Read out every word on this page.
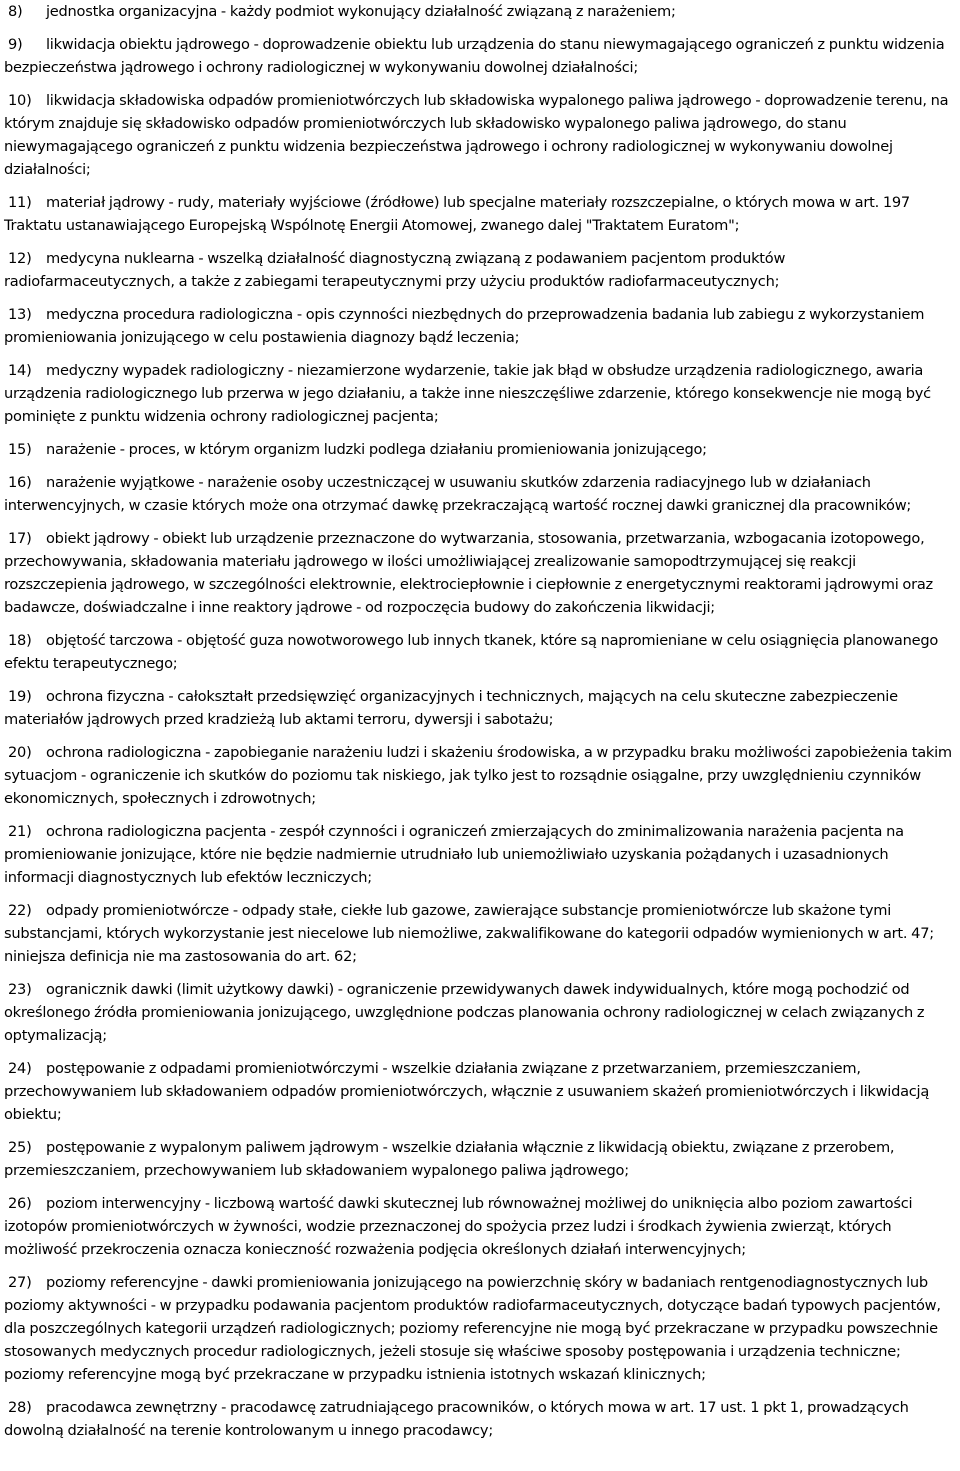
8) jednostka organizacyjna - każdy podmiot wykonujący działalność związaną z narażeniem;

9) likwidacja obiektu jądrowego - doprowadzenie obiektu lub urządzenia do stanu niewymagającego ograniczeń z punktu widzenia bezpieczeństwa jądrowego i ochrony radiologicznej w wykonywaniu dowolnej działalności;

10) likwidacja składowiska odpadów promieniotwórczych lub składowiska wypalonego paliwa jądrowego - doprowadzenie terenu, na którym znajduje się składowisko odpadów promieniotwórczych lub składowisko wypalonego paliwa jądrowego, do stanu niewymagającego ograniczeń z punktu widzenia bezpieczeństwa jądrowego i ochrony radiologicznej w wykonywaniu dowolnej działalności;

11) materiał jądrowy - rudy, materiały wyjściowe (źródłowe) lub specjalne materiały rozszczepialne, o których mowa w art. 197 Traktatu ustanawiającego Europejską Wspólnotę Energii Atomowej, zwanego dalej "Traktatem Euratom";

12) medycyna nuklearna - wszelką działalność diagnostyczną związaną z podawaniem pacjentom produktów radiofarmaceutycznych, a także z zabiegami terapeutycznymi przy użyciu produktów radiofarmaceutycznych;

13) medyczna procedura radiologiczna - opis czynności niezbędnych do przeprowadzenia badania lub zabiegu z wykorzystaniem promieniowania jonizującego w celu postawienia diagnozy bądź leczenia;

14) medyczny wypadek radiologiczny - niezamierzone wydarzenie, takie jak błąd w obsłudze urządzenia radiologicznego, awaria urządzenia radiologicznego lub przerwa w jego działaniu, a także inne nieszczęśliwe zdarzenie, którego konsekwencje nie mogą być pominięte z punktu widzenia ochrony radiologicznej pacjenta;

15) narażenie - proces, w którym organizm ludzki podlega działaniu promieniowania jonizującego;

16) narażenie wyjątkowe - narażenie osoby uczestniczącej w usuwaniu skutków zdarzenia radiacyjnego lub w działaniach interwencyjnych, w czasie których może ona otrzymać dawkę przekraczającą wartość rocznej dawki granicznej dla pracowników;

17) obiekt jądrowy - obiekt lub urządzenie przeznaczone do wytwarzania, stosowania, przetwarzania, wzbogacania izotopowego, przechowywania, składowania materiału jądrowego w ilości umożliwiającej zrealizowanie samopodtrzymującej się reakcji rozszczepienia jądrowego, w szczególności elektrownie, elektrociepłownie i ciepłownie z energetycznymi reaktorami jądrowymi oraz badawcze, doświadczalne i inne reaktory jądrowe - od rozpoczęcia budowy do zakończenia likwidacji;

18) objętość tarczowa - objętość guza nowotworowego lub innych tkanek, które są napromieniane w celu osiągnięcia planowanego efektu terapeutycznego;

19) ochrona fizyczna - całokształt przedsięwzięć organizacyjnych i technicznych, mających na celu skuteczne zabezpieczenie materiałów jądrowych przed kradzieżą lub aktami terroru, dywersji i sabotażu;

20) ochrona radiologiczna - zapobieganie narażeniu ludzi i skażeniu środowiska, a w przypadku braku możliwości zapobieżenia takim sytuacjom - ograniczenie ich skutków do poziomu tak niskiego, jak tylko jest to rozsądnie osiągalne, przy uwzględnieniu czynników ekonomicznych, społecznych i zdrowotnych;

21) ochrona radiologiczna pacjenta - zespół czynności i ograniczeń zmierzających do zminimalizowania narażenia pacjenta na promieniowanie jonizujące, które nie będzie nadmiernie utrudniało lub uniemożliwiało uzyskania pożądanych i uzasadnionych informacji diagnostycznych lub efektów leczniczych;

22) odpady promieniotwórcze - odpady stałe, ciekłe lub gazowe, zawierające substancje promieniotwórcze lub skażone tymi substancjami, których wykorzystanie jest niecelowe lub niemożliwe, zakwalifikowane do kategorii odpadów wymienionych w art. 47; niniejsza definicja nie ma zastosowania do art. 62;

23) ogranicznik dawki (limit użytkowy dawki) - ograniczenie przewidywanych dawek indywidualnych, które mogą pochodzić od określonego źródła promieniowania jonizującego, uwzględnione podczas planowania ochrony radiologicznej w celach związanych z optymalizacją;

24) postępowanie z odpadami promieniotwórczymi - wszelkie działania związane z przetwarzaniem, przemieszczaniem, przechowywaniem lub składowaniem odpadów promieniotwórczych, włącznie z usuwaniem skażeń promieniotwórczych i likwidacją obiektu;

25) postępowanie z wypalonym paliwem jądrowym - wszelkie działania włącznie z likwidacją obiektu, związane z przerobem, przemieszczaniem, przechowywaniem lub składowaniem wypalonego paliwa jądrowego;

26) poziom interwencyjny - liczbową wartość dawki skutecznej lub równoważnej możliwej do uniknięcia albo poziom zawartości izotopów promieniotwórczych w żywności, wodzie przeznaczonej do spożycia przez ludzi i środkach żywienia zwierząt, których możliwość przekroczenia oznacza konieczność rozważenia podjęcia określonych działań interwencyjnych;

27) poziomy referencyjne - dawki promieniowania jonizującego na powierzchnię skóry w badaniach rentgenodiagnostycznych lub poziomy aktywności - w przypadku podawania pacjentom produktów radiofarmaceutycznych, dotyczące badań typowych pacjentów, dla poszczególnych kategorii urządzeń radiologicznych; poziomy referencyjne nie mogą być przekraczane w przypadku powszechnie stosowanych medycznych procedur radiologicznych, jeżeli stosuje się właściwe sposoby postępowania i urządzenia techniczne; poziomy referencyjne mogą być przekraczane w przypadku istnienia istotnych wskazań klinicznych;

28) pracodawca zewnętrzny - pracodawcę zatrudniającego pracowników, o których mowa w art. 17 ust. 1 pkt 1, prowadzących dowolną działalność na terenie kontrolowanym u innego pracodawcy;
